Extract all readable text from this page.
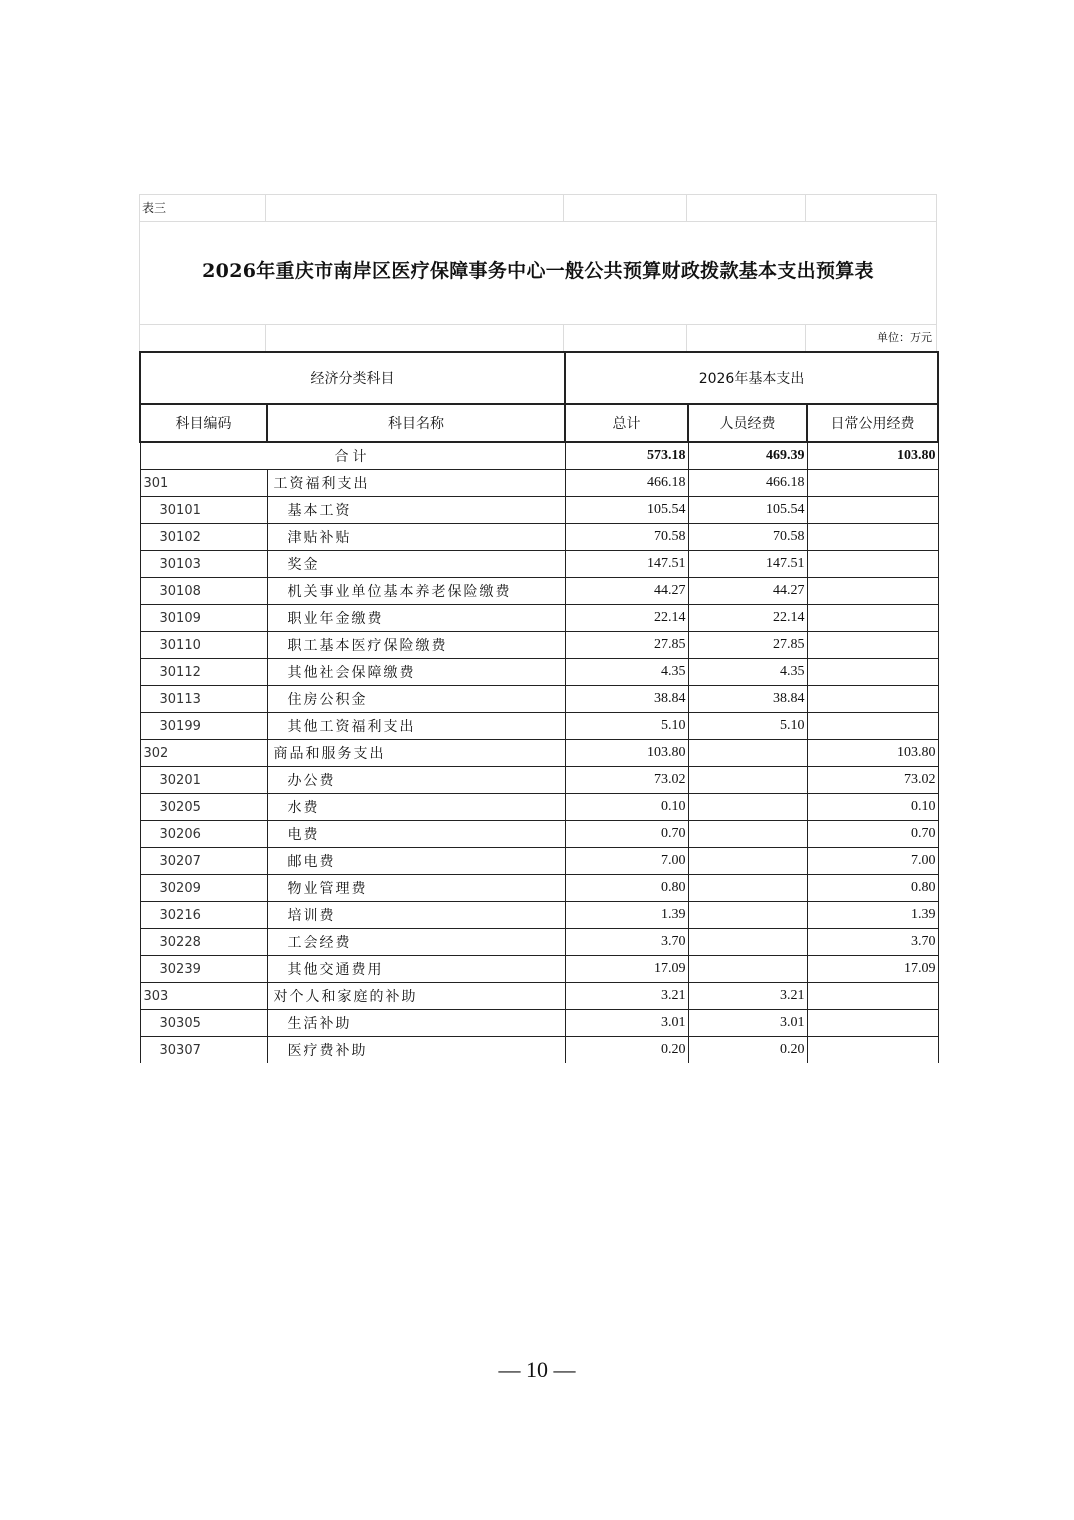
表三
2026年重庆市南岸区医疗保障事务中心一般公共预算财政拨款基本支出预算表
单位：万元
经济分类科目		2026年基本支出		
科目编码	科目名称	总计	人员经费	日常公用经费
合计		573.18	469.39	103.80
301	工资福利支出	466.18	466.18	
30101	基本工资	105.54	105.54	
30102	津贴补贴	70.58	70.58	
30103	奖金	147.51	147.51	
30108	机关事业单位基本养老保险缴费	44.27	44.27	
30109	职业年金缴费	22.14	22.14	
30110	职工基本医疗保险缴费	27.85	27.85	
30112	其他社会保障缴费	4.35	4.35	
30113	住房公积金	38.84	38.84	
30199	其他工资福利支出	5.10	5.10	
302	商品和服务支出	103.80		103.80
30201	办公费	73.02		73.02
30205	水费	0.10		0.10
30206	电费	0.70		0.70
30207	邮电费	7.00		7.00
30209	物业管理费	0.80		0.80
30216	培训费	1.39		1.39
30228	工会经费	3.70		3.70
30239	其他交通费用	17.09		17.09
303	对个人和家庭的补助	3.21	3.21	
30305	生活补助	3.01	3.01	
30307	医疗费补助	0.20	0.20	
— 10 —
